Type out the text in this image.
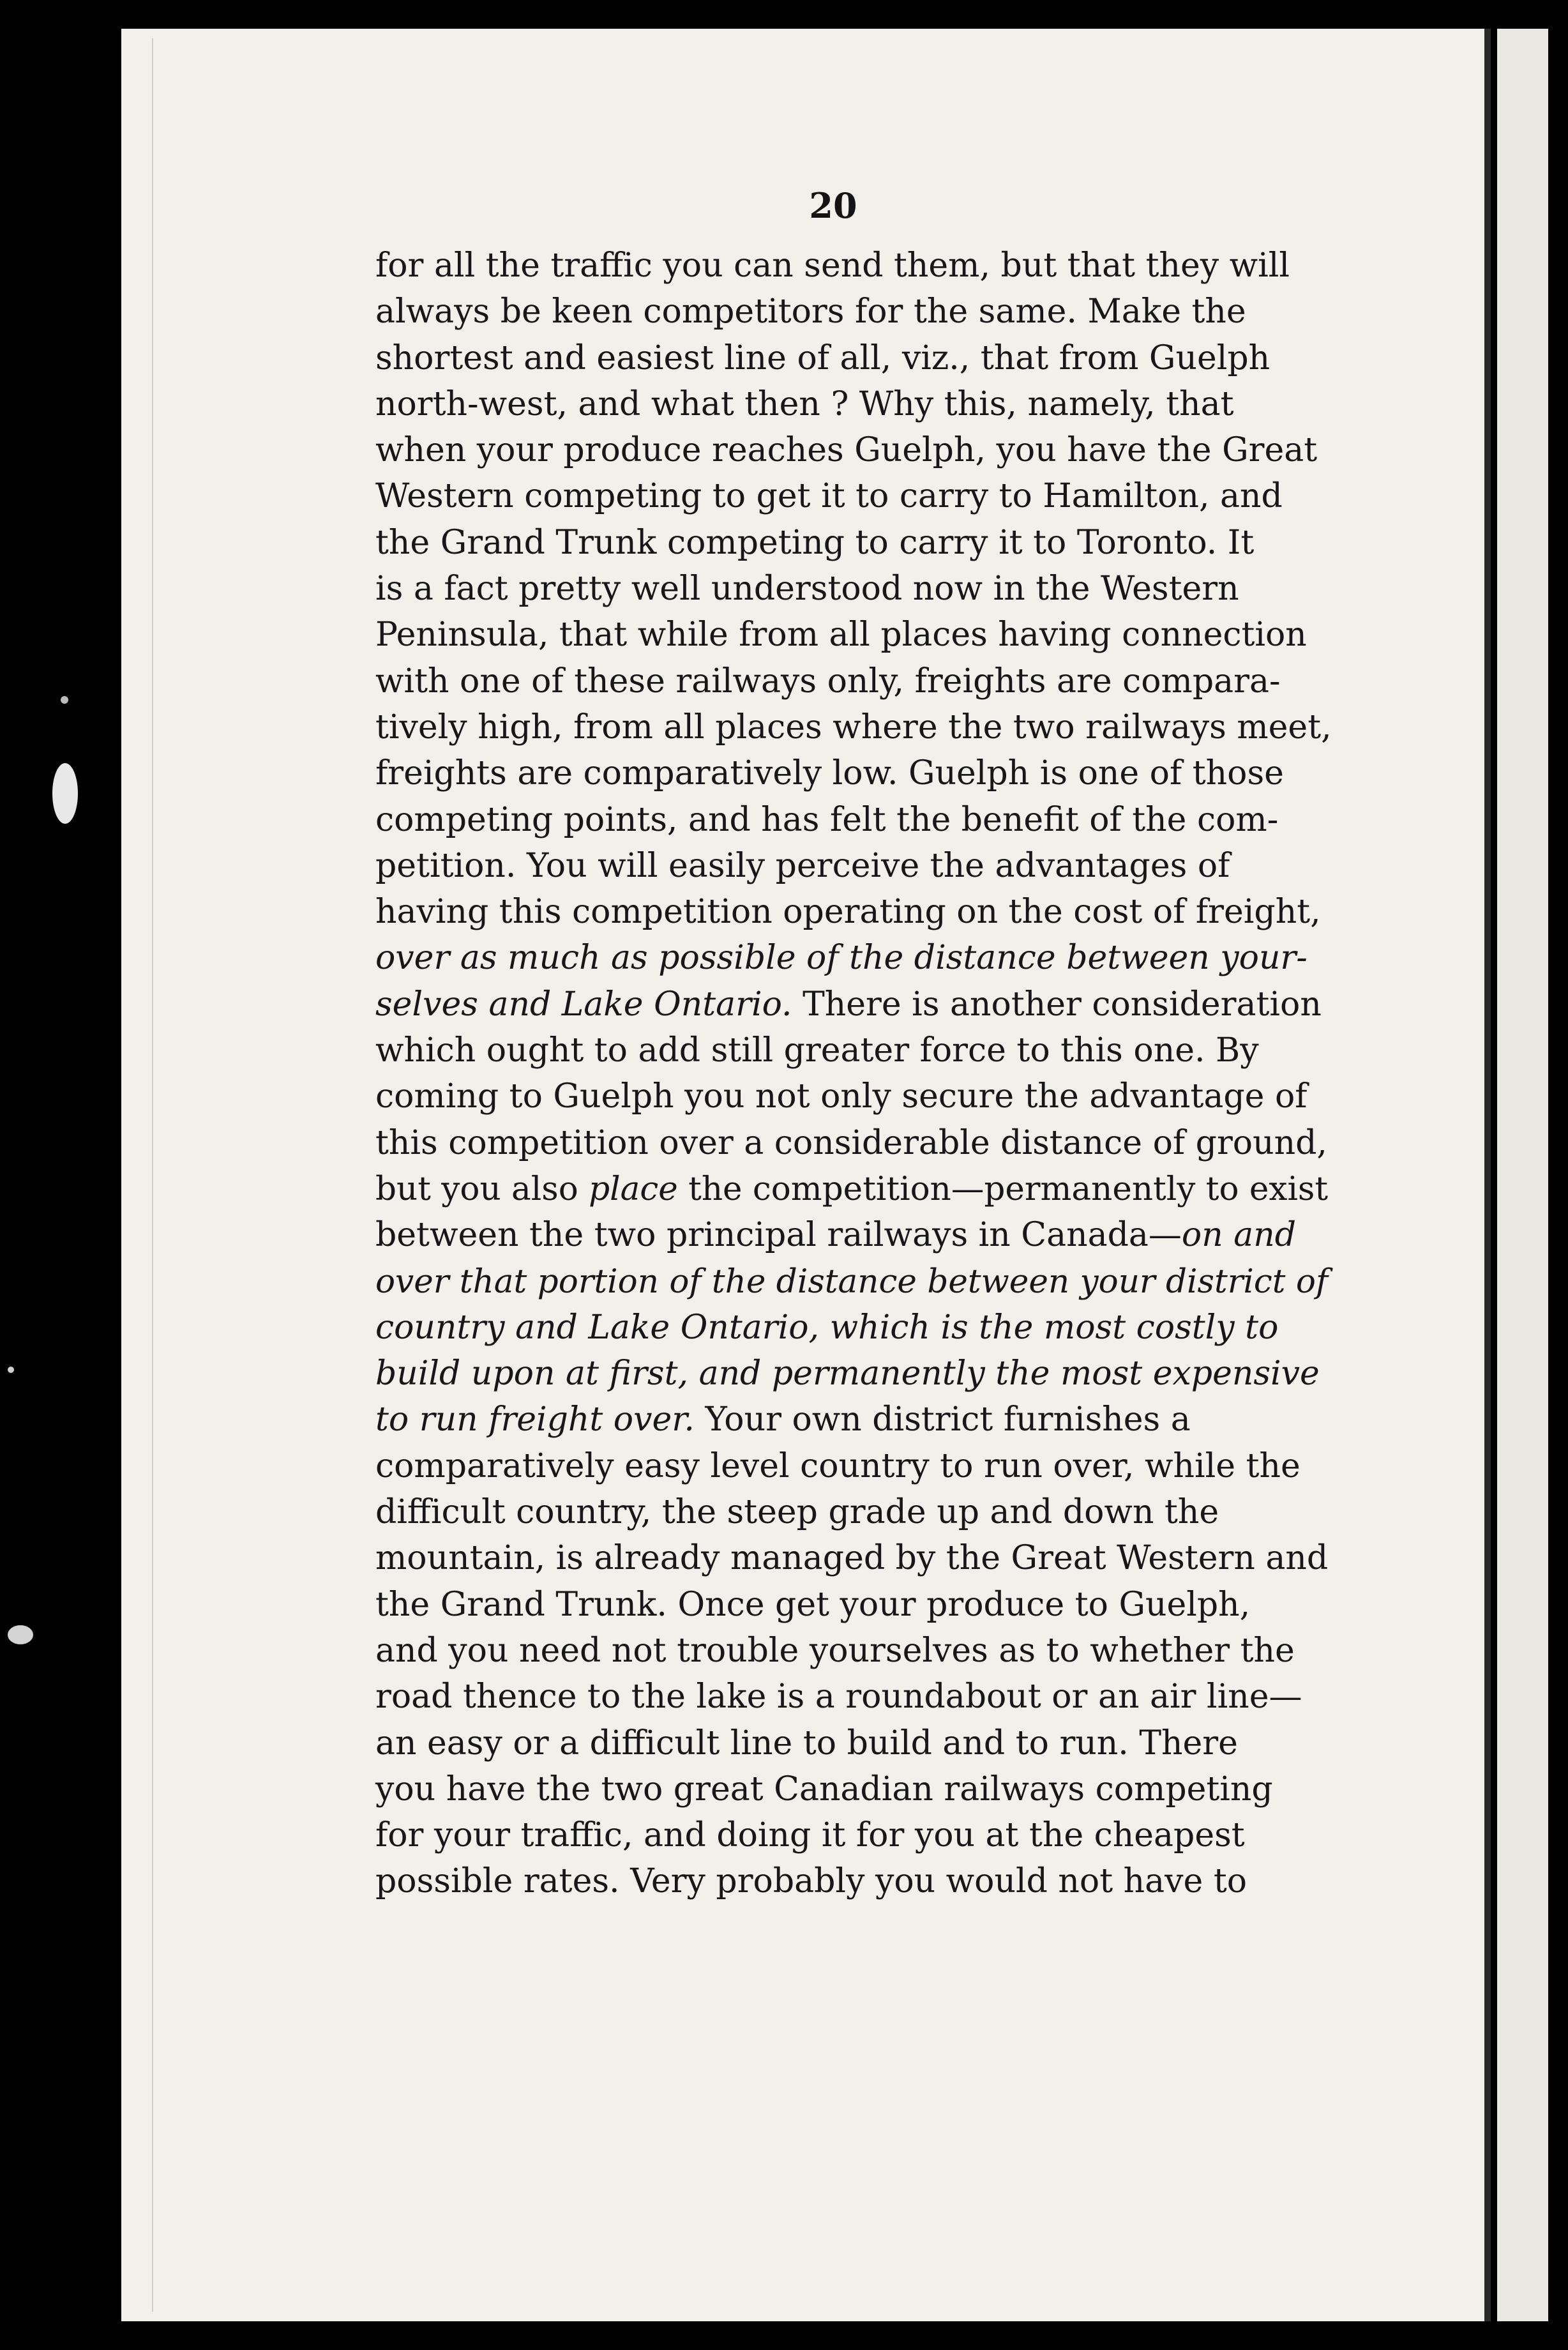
20
for all the traffic you can send them, but that they will
always be keen competitors for the same. Make the
shortest and easiest line of all, viz., that from Guelph
north-west, and what then ? Why this, namely, that
when your produce reaches Guelph, you have the Great
Western competing to get it to carry to Hamilton, and
the Grand Trunk competing to carry it to Toronto. It
is a fact pretty well understood now in the Western
Peninsula, that while from all places having connection
with one of these railways only, freights are compara-
tively high, from all places where the two railways meet,
freights are comparatively low. Guelph is one of those
competing points, and has felt the benefit of the com-
petition. You will easily perceive the advantages of
having this competition operating on the cost of freight,
over as much as possible of the distance between your-
selves and Lake Ontario. There is another consideration
which ought to add still greater force to this one. By
coming to Guelph you not only secure the advantage of
this competition over a considerable distance of ground,
but you also place the competition—permanently to exist
between the two principal railways in Canada—on and
over that portion of the distance between your district of
country and Lake Ontario, which is the most costly to
build upon at first, and permanently the most expensive
to run freight over. Your own district furnishes a
comparatively easy level country to run over, while the
difficult country, the steep grade up and down the
mountain, is already managed by the Great Western and
the Grand Trunk. Once get your produce to Guelph,
and you need not trouble yourselves as to whether the
road thence to the lake is a roundabout or an air line—
an easy or a difficult line to build and to run. There
you have the two great Canadian railways competing
for your traffic, and doing it for you at the cheapest
possible rates. Very probably you would not have to
